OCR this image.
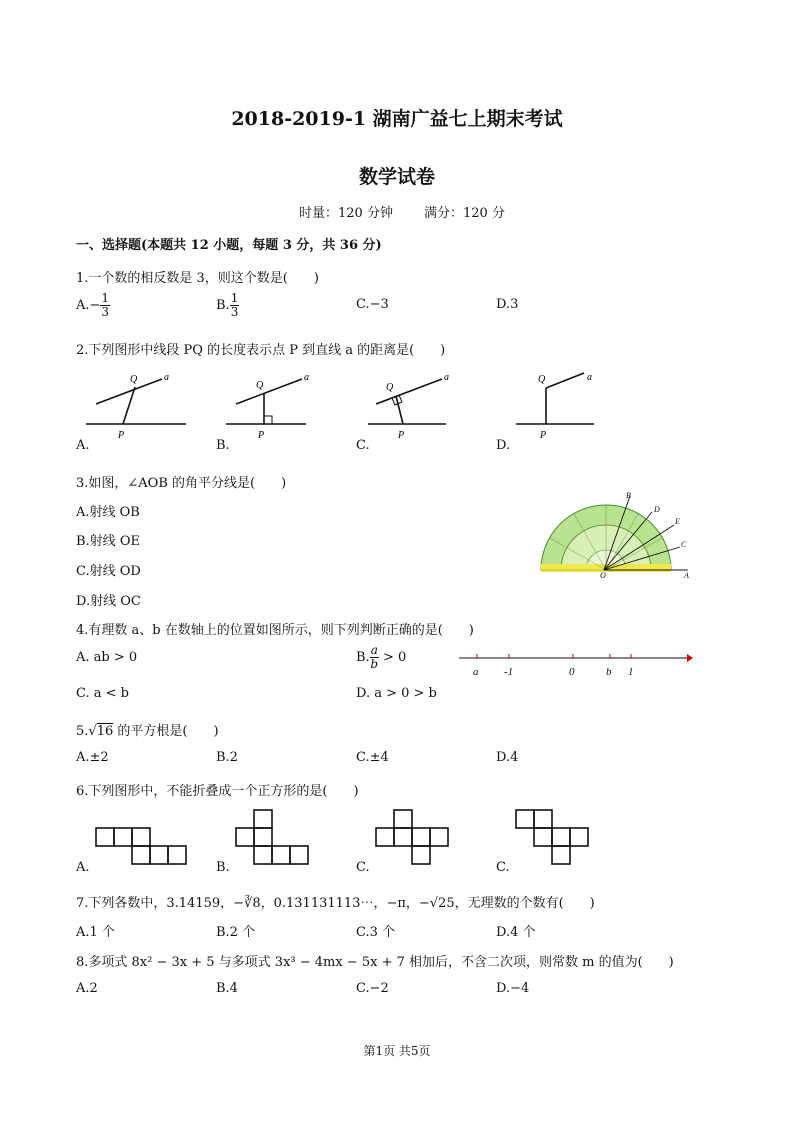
2018-2019-1 湖南广益七上期末考试
数学试卷
时量：120 分钟 满分：120 分
一、选择题(本题共 12 小题，每题 3 分，共 36 分)
1.一个数的相反数是 3，则这个数是(　　)
$A.- \frac{1}{3}$	B. $\frac{1}{3}$	C.−3	D.3
2.下列图形中线段 PQ 的长度表示点 P 到直线 a 的距离是(　　)
Q	a
P
Q
a
P
Q
a
P
Q	a
P
A.	B.	C.	D.
3.如图，∠AOB 的角平分线是(　　)
A.射线 OB
B.射线 OE
C.射线 OD
D.射线 OC
B
D
E
C
O	A
4.有理数 a、b 在数轴上的位置如图所示，则下列判断正确的是(　　)
A. ab > 0	B. $\frac{a}{b} > 0$
a -1	0	b 1
C. a < b	D. a > 0 > b
5.√16 的平方根是(　　)
A.±2	B.2	C.±4	D.4
6.下列图形中，不能折叠成一个正方形的是(　　)
A.	B.	C.	C.
7.下列各数中，3.14159，−∛8，0.131131113⋯，−π，−√25，无理数的个数有(　　)
A.1 个	B.2 个	C.3 个	D.4 个
8.多项式 8x² − 3x + 5 与多项式 3x³ − 4mx − 5x + 7 相加后，不含二次项，则常数 m 的值为(　　)
A.2	B.4	C.−2	D.−4
第1页 共5页
